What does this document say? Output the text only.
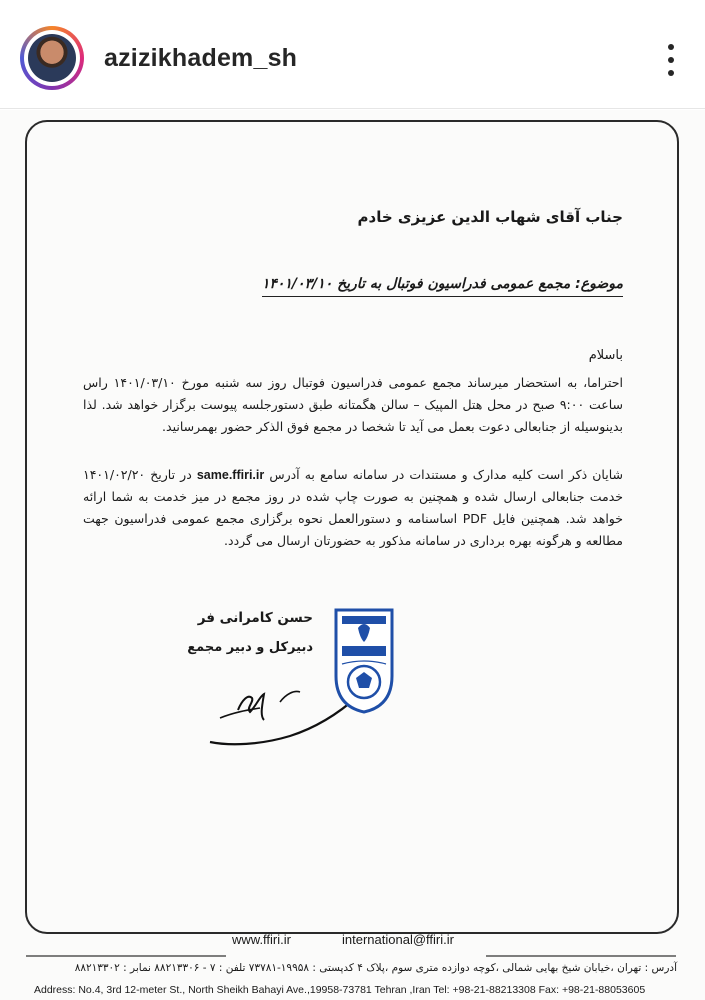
azizikhadem_sh
جناب آقای شهاب الدین عزیزی خادم
موضوع: مجمع عمومی فدراسیون فوتبال به تاریخ ۱۴۰۱/۰۳/۱۰
باسلام
احتراما، به استحضار میرساند مجمع عمومی فدراسیون فوتبال روز سه شنبه مورخ ۱۴۰۱/۰۳/۱۰ راس ساعت ۹:۰۰ صبح در محل هتل المپیک – سالن هگمتانه طبق دستورجلسه پیوست برگزار خواهد شد. لذا بدینوسیله از جنابعالی دعوت بعمل می آید تا شخصا در مجمع فوق الذکر حضور بهمرسانید.
شایان ذکر است کلیه مدارک و مستندات در سامانه سامع به آدرس same.ffiri.ir در تاریخ ۱۴۰۱/۰۲/۲۰ خدمت جنابعالی ارسال شده و همچنین به صورت چاپ شده در روز مجمع در میز خدمت به شما ارائه خواهد شد. همچنین فایل PDF اساسنامه و دستورالعمل نحوه برگزاری مجمع عمومی فدراسیون جهت مطالعه و هرگونه بهره برداری در سامانه مذکور به حضورتان ارسال می گردد.
حسن کامرانی فر
دبیرکل و دبیر مجمع
www.ffiri.ir	international@ffiri.ir
آدرس : تهران ،خیابان شیخ بهایی شمالی ،کوچه دوازده متری سوم ،پلاک ۴ کدپستی : ۱۹۹۵۸-۷۳۷۸۱ تلفن : ۷ - ۸۸۲۱۳۳۰۶ نمابر : ۸۸۲۱۳۳۰۲
Address: No.4, 3rd 12-meter St., North Sheikh Bahayi Ave.,19958-73781 Tehran ,Iran Tel: +98-21-88213308 Fax: +98-21-88053605
